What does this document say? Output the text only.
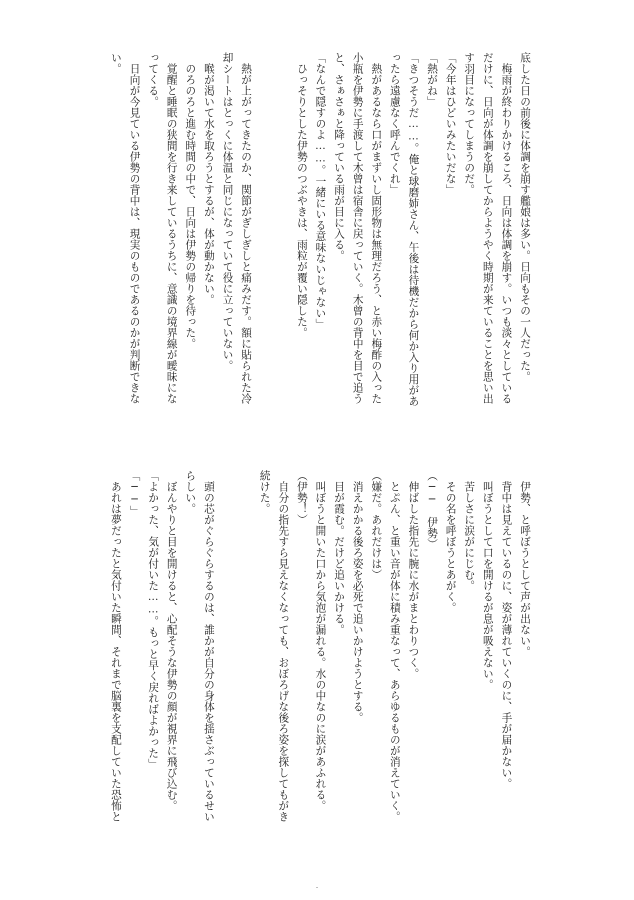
底した日の前後に体調を崩す艦娘は多い。日向もその一人だった。

　梅雨が終わりかけるころ、日向は体調を崩す。いつも淡々としている

だけに、日向が体調を崩してからようやく時期が来ていることを思い出

す羽目になってしまうのだ。

「今年はひどいみたいだな」

「熱がね」

「きつそうだ……。俺と球磨姉さん、午後は待機だから何か入り用があ

ったら遠慮なく呼んでくれ」

　熱があるなら口がまずいし固形物は無理だろう、と赤い梅酢の入った

小瓶を伊勢に手渡して木曾は宿舎に戻っていく。木曾の背中を目で追う

と、さぁさぁと降っている雨が目に入る。

「なんで隠すのよ……。一緒にいる意味ないじゃない」

　ひっそりとした伊勢のつぶやきは、雨粒が覆い隠した。

　熱が上がってきたのか、関節がぎしぎしと痛みだす。額に貼られた冷

却シートはとっくに体温と同じになっていて役に立っていない。

　喉が渇いて水を取ろうとするが、体が動かない。

　のろのろと進む時間の中で、日向は伊勢の帰りを待った。

　覚醒と睡眠の狭間を行き来しているうちに、意識の境界線が曖昧にな

ってくる。

　日向が今見ている伊勢の背中は、現実のものであるのかが判断できな

い。

　伊勢、と呼ぼうとして声が出ない。

　背中は見えているのに、姿が薄れていくのに、手が届かない。

　叫ぼうとして口を開けるが息が吸えない。

　苦しさに涙がにじむ。

　その名を呼ぼうとあがく。

（──　伊勢）

　伸ばした指先に腕に水がまとわりつく。

　とぷん、と重い音が体に積み重なって、あらゆるものが消えていく。

（嫌だ。あれだけは）

　消えかかる後ろ姿を必死で追いかけようとする。

　目が霞む。だけど追いかける。

　叫ぼうと開いた口から気泡が漏れる。水の中なのに涙があふれる。

（伊勢！）

　自分の指先すら見えなくなっても、おぼろげな後ろ姿を探してもがき

続けた。

　頭の芯がぐらぐらするのは、誰かが自分の身体を揺さぶっているせい

らしい。

　ぼんやりと目を開けると、心配そうな伊勢の顔が視界に飛び込む。

「よかった、気が付いた……。もっと早く戻ればよかった」

「──」

　あれは夢だったと気付いた瞬間、それまで脳裏を支配していた恐怖と

-
